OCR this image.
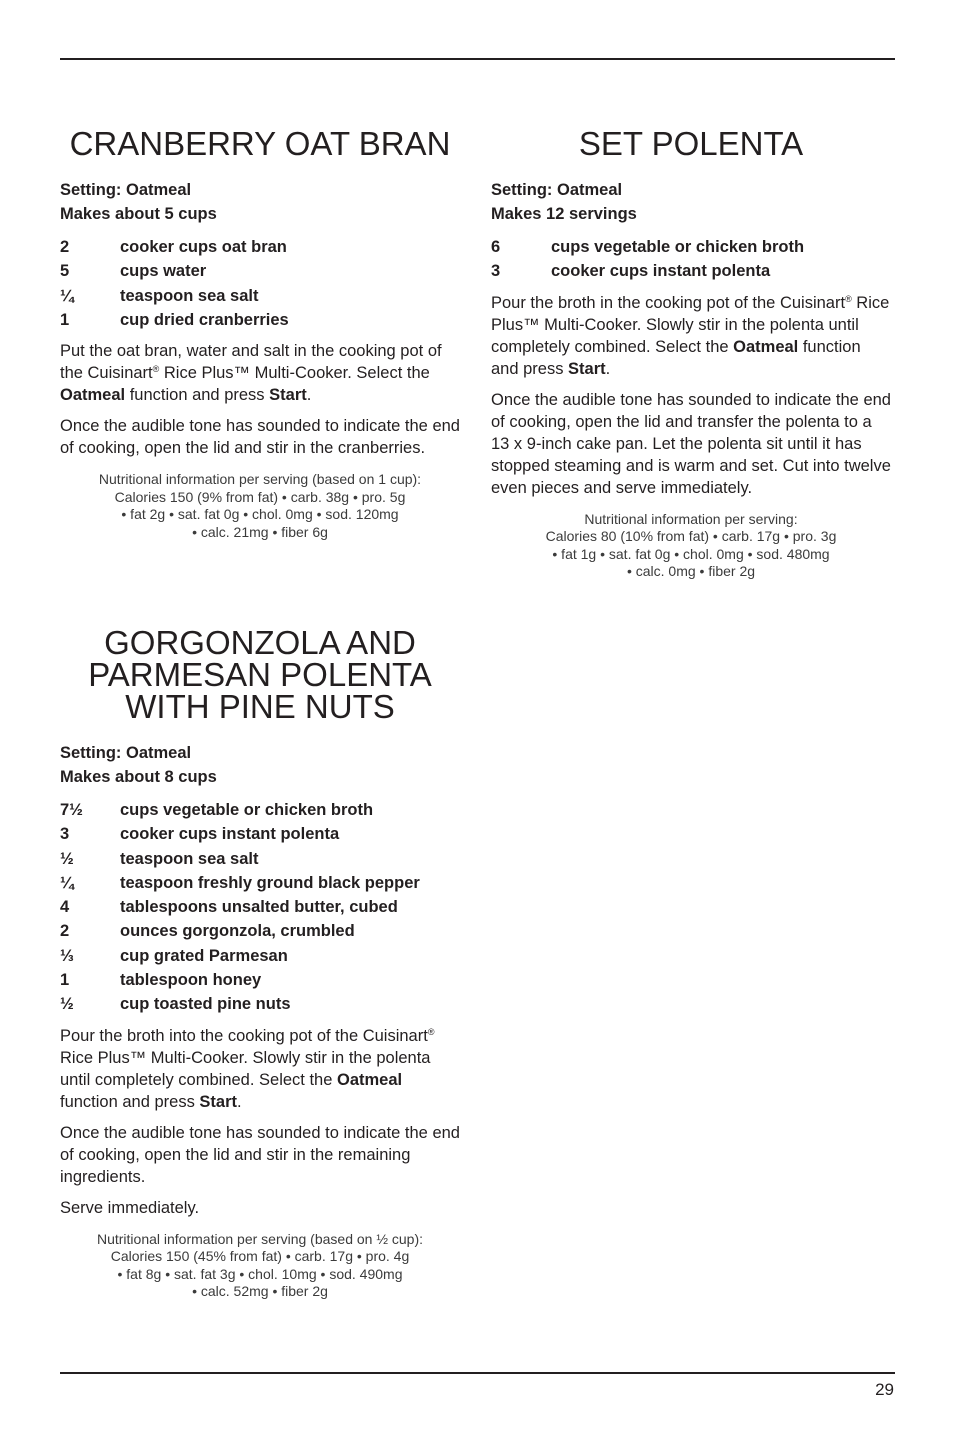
CRANBERRY OAT BRAN
Setting: Oatmeal
Makes about 5 cups
2	cooker cups oat bran
5	cups water
¼	teaspoon sea salt
1	cup dried cranberries

Put the oat bran, water and salt in the cooking pot of the Cuisinart® Rice Plus™ Multi-Cooker. Select the Oatmeal function and press Start.

Once the audible tone has sounded to indicate the end of cooking, open the lid and stir in the cranberries.

Nutritional information per serving (based on 1 cup):
Calories 150 (9% from fat) • carb. 38g • pro. 5g
• fat 2g • sat. fat 0g • chol. 0mg • sod. 120mg
• calc. 21mg • fiber 6g
GORGONZOLA AND
PARMESAN POLENTA
WITH PINE NUTS
Setting: Oatmeal
Makes about 8 cups
7½	cups vegetable or chicken broth
3	cooker cups instant polenta
½	teaspoon sea salt
¼	teaspoon freshly ground black pepper
4	tablespoons unsalted butter, cubed
2	ounces gorgonzola, crumbled
⅓	cup grated Parmesan
1	tablespoon honey
½	cup toasted pine nuts

Pour the broth into the cooking pot of the Cuisinart® Rice Plus™ Multi-Cooker. Slowly stir in the polenta until completely combined. Select the Oatmeal function and press Start.

Once the audible tone has sounded to indicate the end of cooking, open the lid and stir in the remaining ingredients.

Serve immediately.

Nutritional information per serving (based on ½ cup):
Calories 150 (45% from fat) • carb. 17g • pro. 4g
• fat 8g • sat. fat 3g • chol. 10mg • sod. 490mg
• calc. 52mg • fiber 2g
SET POLENTA
Setting: Oatmeal
Makes 12 servings
6	cups vegetable or chicken broth
3	cooker cups instant polenta

Pour the broth in the cooking pot of the Cuisinart® Rice Plus™ Multi-Cooker. Slowly stir in the polenta until completely combined. Select the Oatmeal function and press Start.

Once the audible tone has sounded to indicate the end of cooking, open the lid and transfer the polenta to a 13 x 9-inch cake pan. Let the polenta sit until it has stopped steaming and is warm and set. Cut into twelve even pieces and serve immediately.

Nutritional information per serving:
Calories 80 (10% from fat) • carb. 17g • pro. 3g
• fat 1g • sat. fat 0g • chol. 0mg • sod. 480mg
• calc. 0mg • fiber 2g
29
